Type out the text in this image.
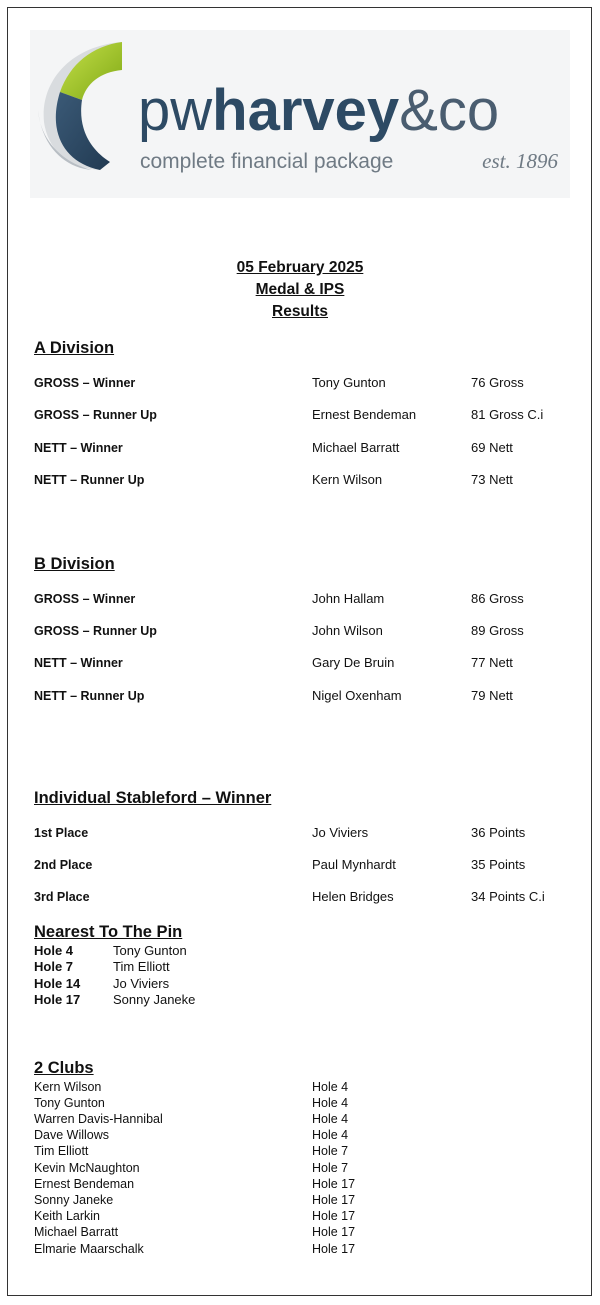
pwharvey&co
complete financial package	est. 1896
05 February 2025
Medal & IPS
Results
A Division
GROSS – Winner	Tony Gunton	76 Gross
GROSS – Runner Up	Ernest Bendeman	81 Gross C.i
NETT – Winner	Michael Barratt	69 Nett
NETT – Runner Up	Kern Wilson	73 Nett
B Division
GROSS – Winner	John Hallam	86 Gross
GROSS – Runner Up	John Wilson	89 Gross
NETT – Winner	Gary De Bruin	77 Nett
NETT – Runner Up	Nigel Oxenham	79 Nett
Individual Stableford – Winner
1st Place	Jo Viviers	36 Points
2nd Place	Paul Mynhardt	35 Points
3rd Place	Helen Bridges	34 Points C.i
Nearest To The Pin
Hole 4	Tony Gunton
Hole 7	Tim Elliott
Hole 14	Jo Viviers
Hole 17	Sonny Janeke
2 Clubs
Kern Wilson	Hole 4
Tony Gunton	Hole 4
Warren Davis-Hannibal	Hole 4
Dave Willows	Hole 4
Tim Elliott	Hole 7
Kevin McNaughton	Hole 7
Ernest Bendeman	Hole 17
Sonny Janeke	Hole 17
Keith Larkin	Hole 17
Michael Barratt	Hole 17
Elmarie Maarschalk	Hole 17
